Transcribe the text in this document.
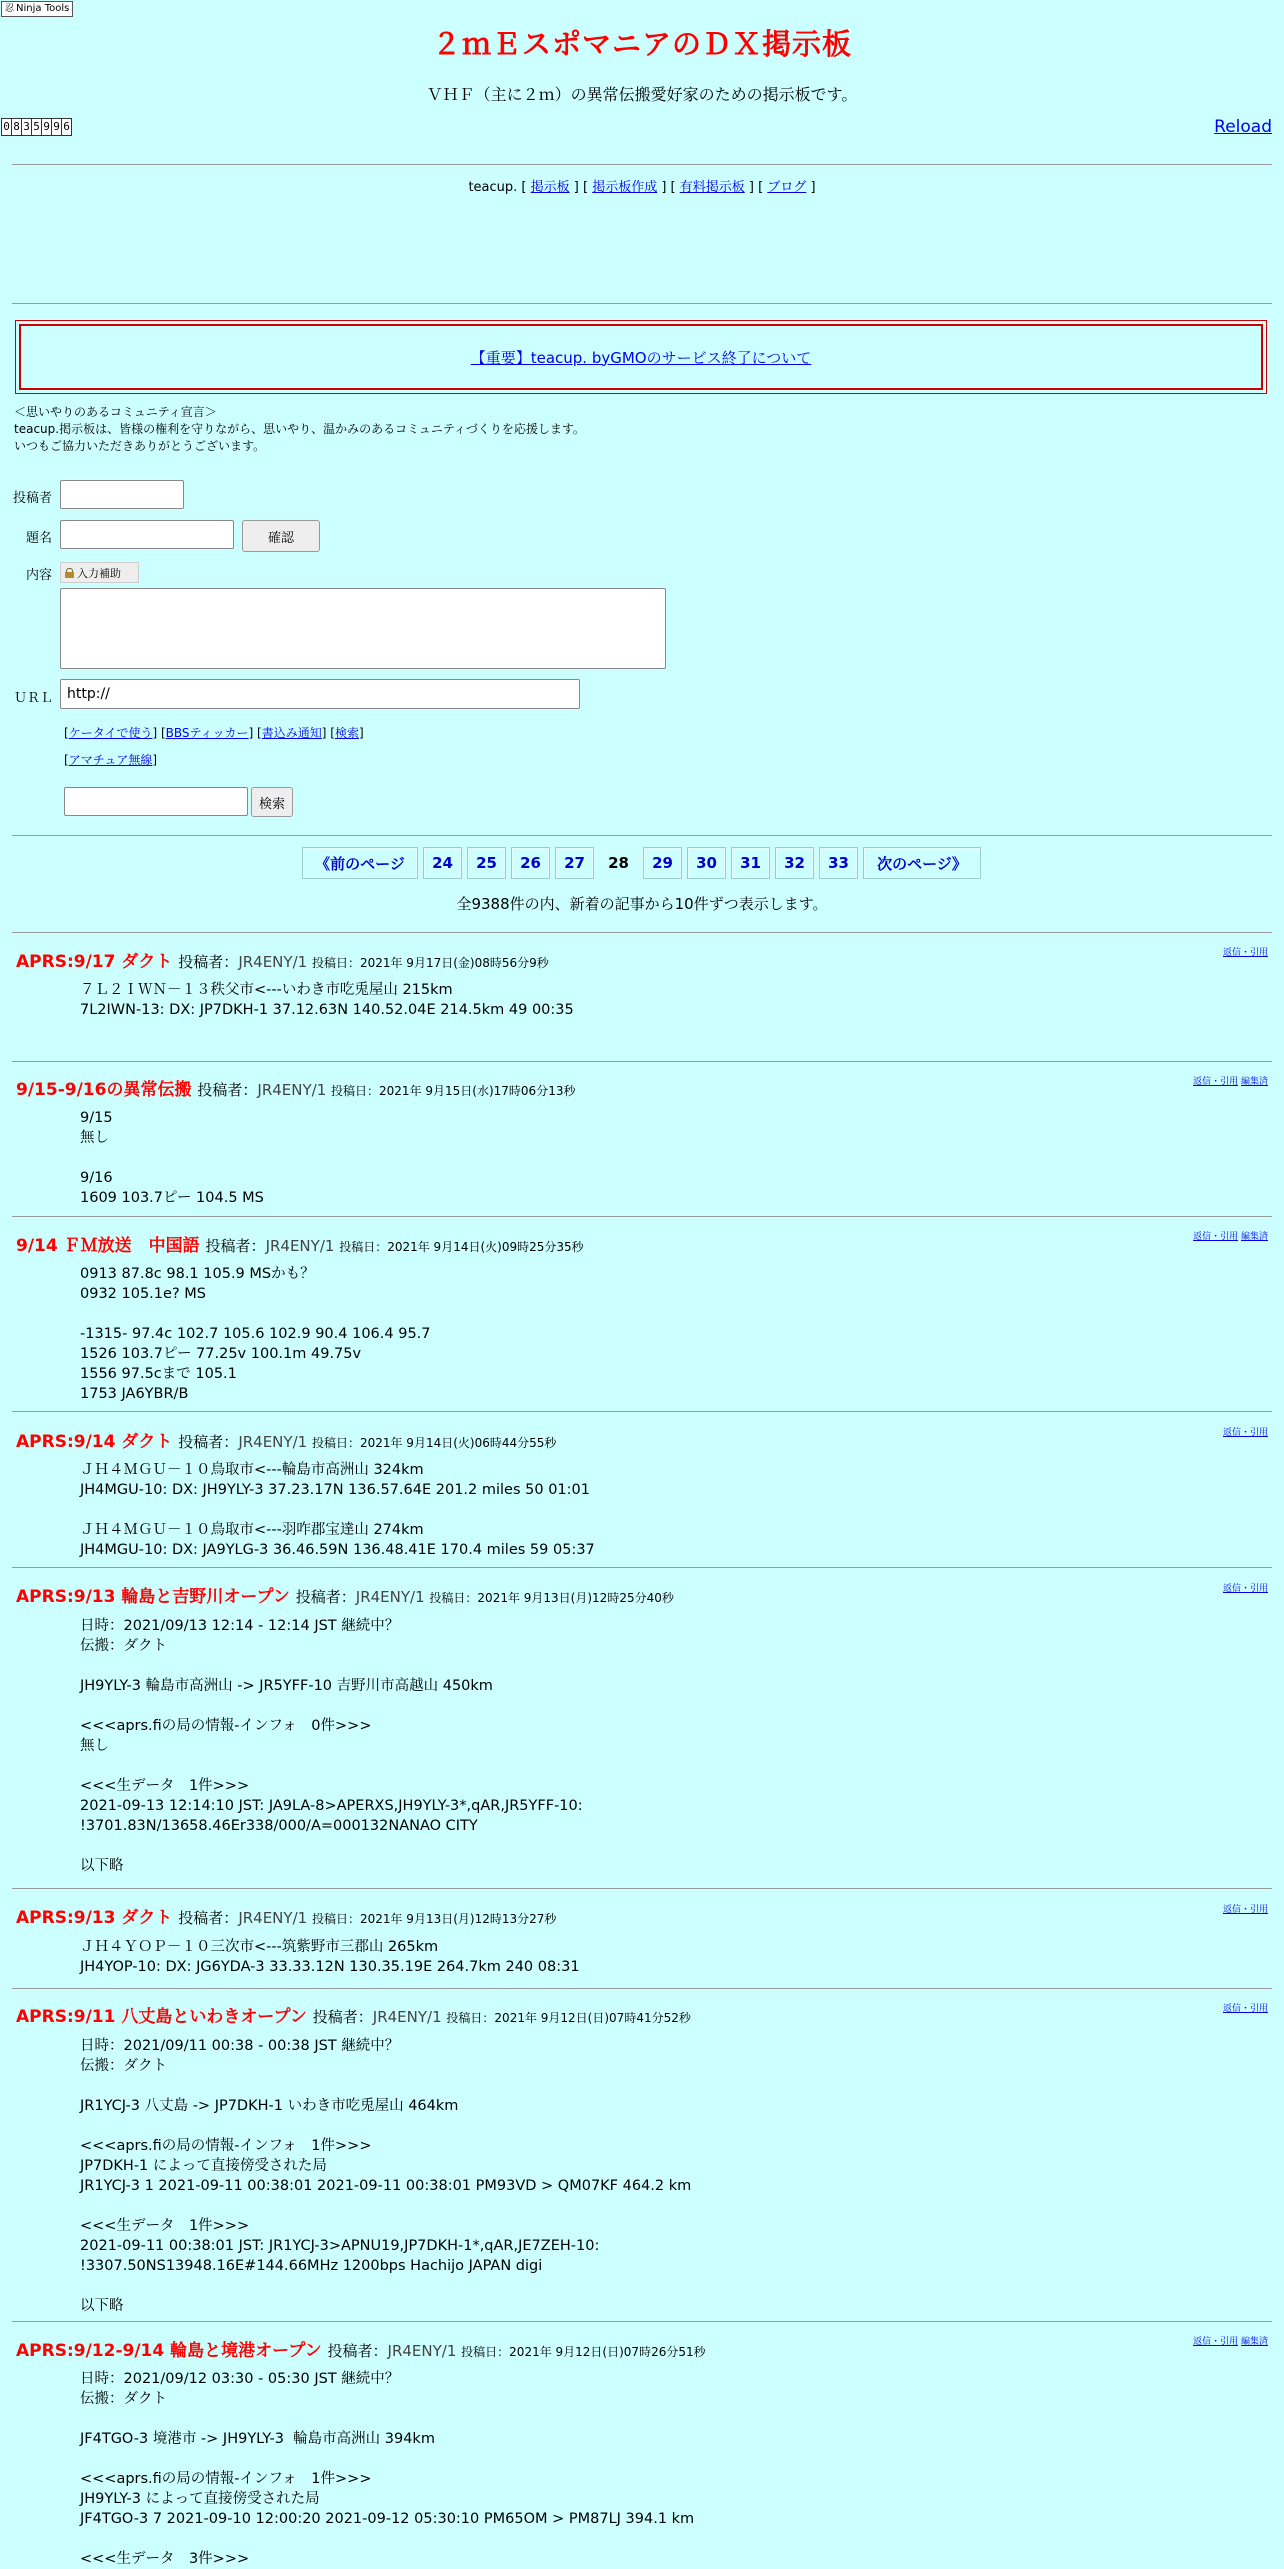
忍 Ninja Tools
２ｍＥスポマニアのＤＸ掲示板
ＶＨＦ（主に２ｍ）の異常伝搬愛好家のための掲示板です。
0 8 3 5 9 9 6	Reload
teacup. [ 掲示板 ] [ 掲示板作成 ] [ 有料掲示板 ] [ ブログ ]
【重要】teacup. byGMOのサービス終了について
＜思いやりのあるコミュニティ宣言＞
teacup.掲示板は、皆様の権利を守りながら、思いやり、温かみのあるコミュニティづくりを応援します。
いつもご協力いただきありがとうございます。
投稿者
題名	確認
内容 入力補助
ＵＲＬ http://
[ケータイで使う] [BBSティッカー] [書込み通知] [検索]
[アマチュア無線]
検索
《前のページ	24	25	26	27	28	29	30	31	32	33	次のページ》
全9388件の内、新着の記事から10件ずつ表示します。
APRS:9/17 ダクト 投稿者：JR4ENY/1 投稿日：2021年 9月17日(金)08時56分9秒
返信・引用
７Ｌ２ＩＷＮ－１３秩父市<---いわき市吃兎屋山 215km
7L2IWN-13: DX: JP7DKH-1 37.12.63N 140.52.04E 214.5km 49 00:35
9/15-9/16の異常伝搬 投稿者：JR4ENY/1 投稿日：2021年 9月15日(水)17時06分13秒
返信・引用 編集済
9/15
無し

9/16
1609 103.7ピー 104.5 MS
9/14 ＦＭ放送　中国語 投稿者：JR4ENY/1 投稿日：2021年 9月14日(火)09時25分35秒
返信・引用 編集済
0913 87.8c 98.1 105.9 MSかも？
0932 105.1e? MS

-1315- 97.4c 102.7 105.6 102.9 90.4 106.4 95.7
1526 103.7ピー 77.25v 100.1m 49.75v
1556 97.5cまで 105.1
1753 JA6YBR/B
APRS:9/14 ダクト 投稿者：JR4ENY/1 投稿日：2021年 9月14日(火)06時44分55秒
返信・引用
ＪＨ４ＭＧＵ－１０鳥取市<---輪島市高洲山 324km
JH4MGU-10: DX: JH9YLY-3 37.23.17N 136.57.64E 201.2 miles 50 01:01

ＪＨ４ＭＧＵ－１０鳥取市<---羽咋郡宝達山 274km
JH4MGU-10: DX: JA9YLG-3 36.46.59N 136.48.41E 170.4 miles 59 05:37
APRS:9/13 輪島と吉野川オープン 投稿者：JR4ENY/1 投稿日：2021年 9月13日(月)12時25分40秒
返信・引用
日時：2021/09/13 12:14 - 12:14 JST 継続中？
伝搬：ダクト

JH9YLY-3 輪島市高洲山 -> JR5YFF-10 吉野川市高越山 450km

<<<aprs.fiの局の情報-インフォ　0件>>>
無し

<<<生データ　1件>>>
2021-09-13 12:14:10 JST: JA9LA-8>APERXS,JH9YLY-3*,qAR,JR5YFF-10:
!3701.83N/13658.46Er338/000/A=000132NANAO CITY

以下略
APRS:9/13 ダクト 投稿者：JR4ENY/1 投稿日：2021年 9月13日(月)12時13分27秒
返信・引用
ＪＨ４ＹＯＰ－１０三次市<---筑紫野市三郡山 265km
JH4YOP-10: DX: JG6YDA-3 33.33.12N 130.35.19E 264.7km 240 08:31
APRS:9/11 八丈島といわきオープン 投稿者：JR4ENY/1 投稿日：2021年 9月12日(日)07時41分52秒
返信・引用
日時：2021/09/11 00:38 - 00:38 JST 継続中？
伝搬：ダクト

JR1YCJ-3 八丈島 -> JP7DKH-1 いわき市吃兎屋山 464km

<<<aprs.fiの局の情報-インフォ　1件>>>
JP7DKH-1 によって直接傍受された局
JR1YCJ-3 1 2021-09-11 00:38:01 2021-09-11 00:38:01 PM93VD > QM07KF 464.2 km

<<<生データ　1件>>>
2021-09-11 00:38:01 JST: JR1YCJ-3>APNU19,JP7DKH-1*,qAR,JE7ZEH-10:
!3307.50NS13948.16E#144.66MHz 1200bps Hachijo JAPAN digi

以下略
APRS:9/12-9/14 輪島と境港オープン 投稿者：JR4ENY/1 投稿日：2021年 9月12日(日)07時26分51秒
返信・引用 編集済
日時：2021/09/12 03:30 - 05:30 JST 継続中？
伝搬：ダクト

JF4TGO-3 境港市 -> JH9YLY-3  輪島市高洲山 394km

<<<aprs.fiの局の情報-インフォ　1件>>>
JH9YLY-3 によって直接傍受された局
JF4TGO-3 7 2021-09-10 12:00:20 2021-09-12 05:30:10 PM65OM > PM87LJ 394.1 km

<<<生データ　3件>>>
